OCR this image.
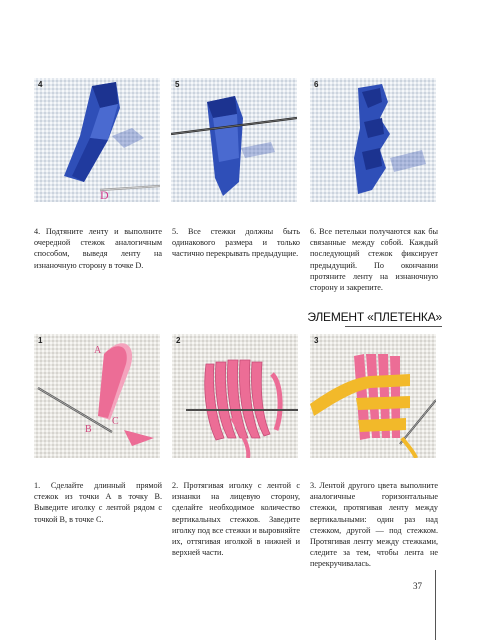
4
D
5	6
4. Подтяните ленту и выполните очередной стежок аналогичным способом, выведя ленту на изнаночную сторону в точке D.
5. Все стежки должны быть одинакового размера и только частично перекрывать предыдущие.
6. Все петельки получаются как бы связанные между собой. Каждый последующий стежок фиксирует предыдущий. По окончании протяните ленту на изнаночную сторону и закрепите.
ЭЛЕМЕНТ «ПЛЕТЕНКА»
1
A
B
C
2	3
1. Сделайте длинный прямой стежок из точки А в точку В. Выведите иголку с лентой рядом с точкой В, в точке С.
2. Протягивая иголку с лентой с изнанки на лицевую сторону, сделайте необходимое количество вертикальных стежков. Заведите иголку под все стежки и выровняйте их, оттягивая иголкой в нижней и верхней части.
3. Лентой другого цвета выполните аналогичные горизонтальные стежки, протягивая ленту между вертикальными: один раз над стежком, другой — под стежком. Протягивая ленту между стежками, следите за тем, чтобы лента не перекручивалась.
37
